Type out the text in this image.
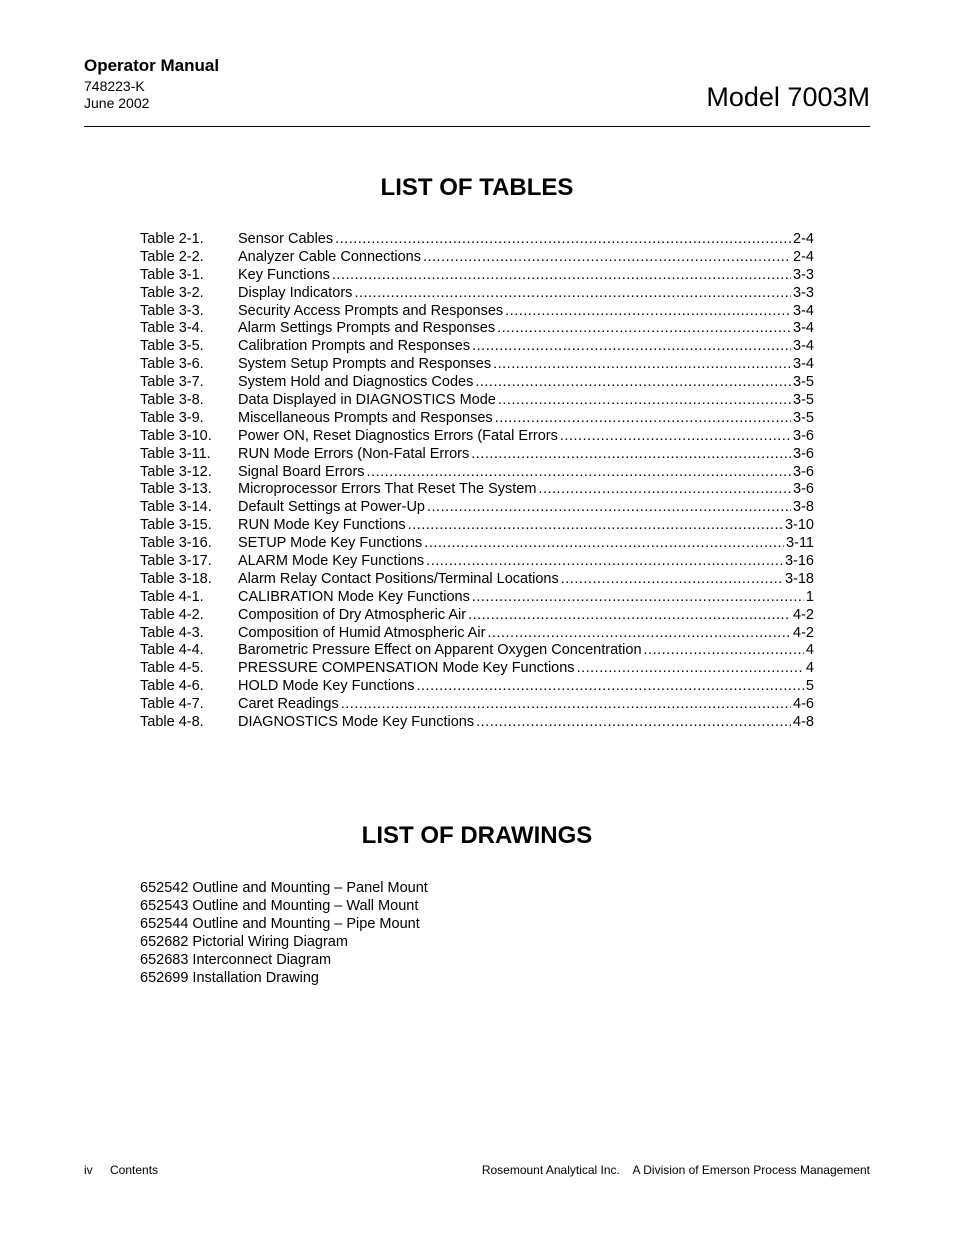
Operator Manual
748223-K
June 2002	Model 7003M
LIST OF TABLES
Table 2-1.	Sensor Cables .....	2-4
Table 2-2.	Analyzer Cable Connections .....	2-4
Table 3-1.	Key Functions .....	3-3
Table 3-2.	Display Indicators .....	3-3
Table 3-3.	Security Access Prompts and Responses .....	3-4
Table 3-4.	Alarm Settings Prompts and Responses .....	3-4
Table 3-5.	Calibration Prompts and Responses .....	3-4
Table 3-6.	System Setup Prompts and Responses .....	3-4
Table 3-7.	System Hold and Diagnostics Codes .....	3-5
Table 3-8.	Data Displayed in DIAGNOSTICS Mode .....	3-5
Table 3-9.	Miscellaneous Prompts and Responses .....	3-5
Table 3-10.	Power ON, Reset Diagnostics Errors (Fatal Errors .....	3-6
Table 3-11.	RUN Mode Errors (Non-Fatal Errors .....	3-6
Table 3-12.	Signal Board Errors .....	3-6
Table 3-13.	Microprocessor Errors That Reset The System .....	3-6
Table 3-14.	Default Settings at Power-Up .....	3-8
Table 3-15.	RUN Mode Key Functions .....	3-10
Table 3-16.	SETUP Mode Key Functions .....	3-11
Table 3-17.	ALARM Mode Key Functions .....	3-16
Table 3-18.	Alarm Relay Contact Positions/Terminal Locations .....	3-18
Table 4-1.	CALIBRATION Mode Key Functions .....	1
Table 4-2.	Composition of Dry Atmospheric Air .....	4-2
Table 4-3.	Composition of Humid Atmospheric Air .....	4-2
Table 4-4.	Barometric Pressure Effect on Apparent Oxygen Concentration .....	4
Table 4-5.	PRESSURE COMPENSATION Mode Key Functions .....	4
Table 4-6.	HOLD Mode Key Functions .....	5
Table 4-7.	Caret Readings .....	4-6
Table 4-8.	DIAGNOSTICS Mode Key Functions .....	4-8
LIST OF DRAWINGS
652542 Outline and Mounting – Panel Mount
652543 Outline and Mounting – Wall Mount
652544 Outline and Mounting – Pipe Mount
652682 Pictorial Wiring Diagram
652683 Interconnect Diagram
652699 Installation Drawing
iv Contents	Rosemount Analytical Inc.    A Division of Emerson Process Management
